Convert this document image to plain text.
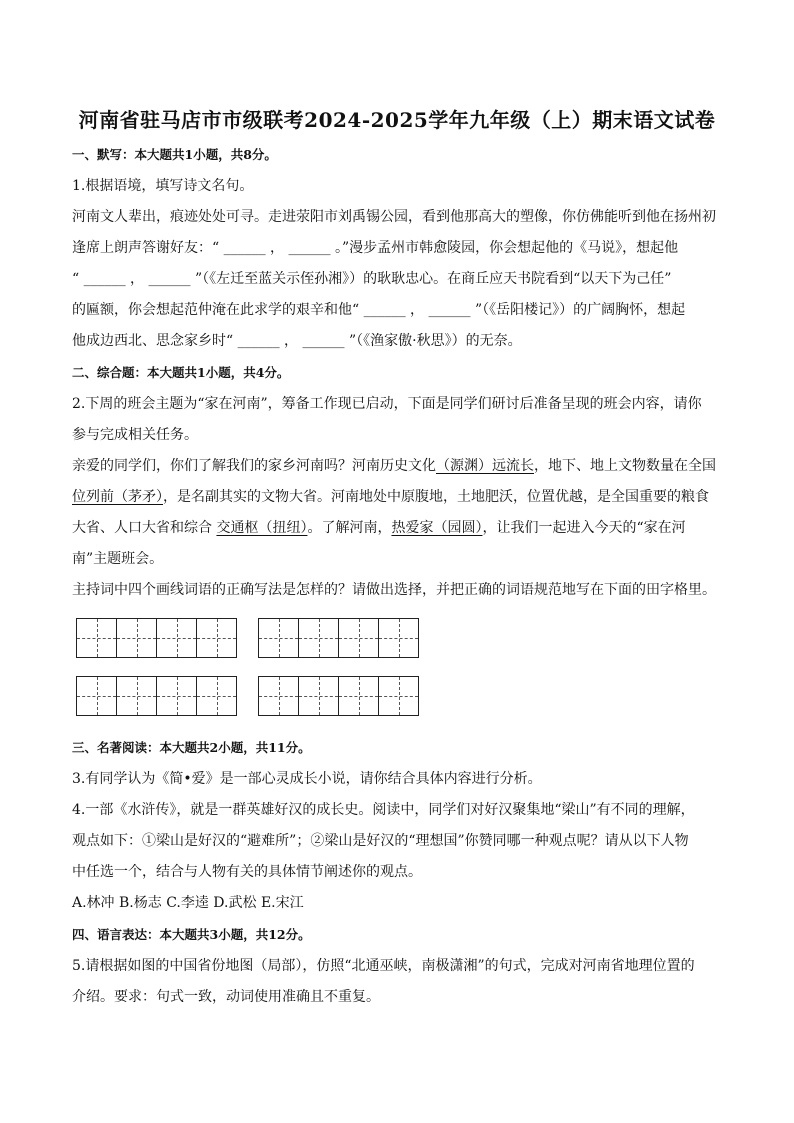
河南省驻马店市市级联考2024-2025学年九年级（上）期末语文试卷
一、默写：本大题共1小题，共8分。
1.根据语境，填写诗文名句。
河南文人辈出，痕迹处处可寻。走进荥阳市刘禹锡公园，看到他那高大的塑像，你仿佛能听到他在扬州初
逢席上朗声答谢好友：“ ______ ， ______ 。”漫步孟州市韩愈陵园，你会想起他的《马说》，想起他
“ ______ ， ______ ”（《左迁至蓝关示侄孙湘》）的耿耿忠心。在商丘应天书院看到“以天下为己任”
的匾额，你会想起范仲淹在此求学的艰辛和他“ ______ ， ______ ”（《岳阳楼记》）的广阔胸怀，想起
他成边西北、思念家乡时“ ______ ， ______ ”（《渔家傲·秋思》）的无奈。
二、综合题：本大题共1小题，共4分。
2.下周的班会主题为“家在河南”，筹备工作现已启动，下面是同学们研讨后准备呈现的班会内容，请你
参与完成相关任务。
亲爱的同学们，你们了解我们的家乡河南吗？河南历史文化（源渊）远流长，地下、地上文物数量在全国
位列前（茅矛），是名副其实的文物大省。河南地处中原腹地，土地肥沃，位置优越，是全国重要的粮食
大省、人口大省和综合 交通枢（扭纽）。了解河南，热爱家（园圆），让我们一起进入今天的“家在河
南”主题班会。
主持词中四个画线词语的正确写法是怎样的？请做出选择，并把正确的词语规范地写在下面的田字格里。
三、名著阅读：本大题共2小题，共11分。
3.有同学认为《简•爱》是一部心灵成长小说，请你结合具体内容进行分析。
4.一部《水浒传》，就是一群英雄好汉的成长史。阅读中，同学们对好汉聚集地“梁山”有不同的理解，
观点如下：①梁山是好汉的“避难所”；②梁山是好汉的“理想国”你赞同哪一种观点呢？请从以下人物
中任选一个，结合与人物有关的具体情节阐述你的观点。
A.林冲 B.杨志 C.李逵 D.武松 E.宋江
四、语言表达：本大题共3小题，共12分。
5.请根据如图的中国省份地图（局部），仿照“北通巫峡，南极潇湘”的句式，完成对河南省地理位置的
介绍。要求：句式一致，动词使用准确且不重复。
